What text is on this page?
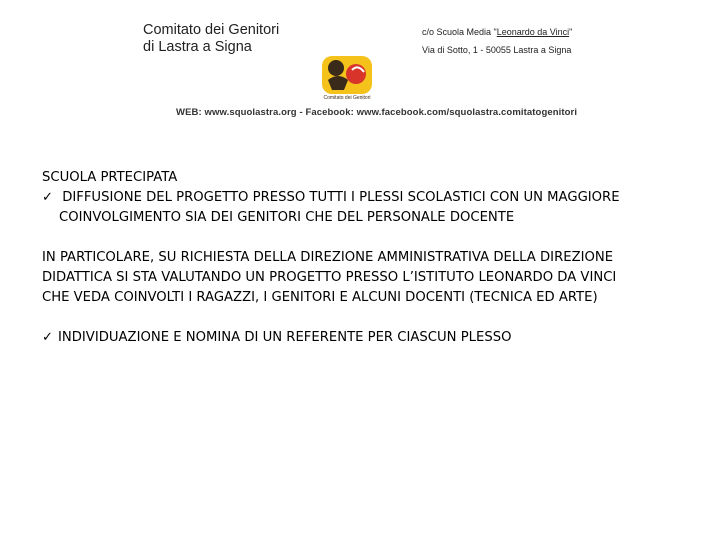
Comitato dei Genitori
di Lastra a Signa
c/o Scuola Media "Leonardo da Vinci"
Via di Sotto, 1 - 50055 Lastra a Signa
Comitato dei Genitori
WEB: www.squolastra.org - Facebook: www.facebook.com/squolastra.comitatogenitori

SCUOLA PRTECIPATA

✓ DIFFUSIONE DEL PROGETTO PRESSO TUTTI I PLESSI SCOLASTICI CON UN MAGGIORE

COINVOLGIMENTO SIA DEI GENITORI CHE DEL PERSONALE DOCENTE

IN PARTICOLARE, SU RICHIESTA DELLA DIREZIONE AMMINISTRATIVA DELLA DIREZIONE

DIDATTICA SI STA VALUTANDO UN PROGETTO PRESSO L’ISTITUTO LEONARDO DA VINCI

CHE VEDA COINVOLTI I RAGAZZI, I GENITORI E ALCUNI DOCENTI (TECNICA ED ARTE)

✓ INDIVIDUAZIONE E NOMINA DI UN REFERENTE PER CIASCUN PLESSO
